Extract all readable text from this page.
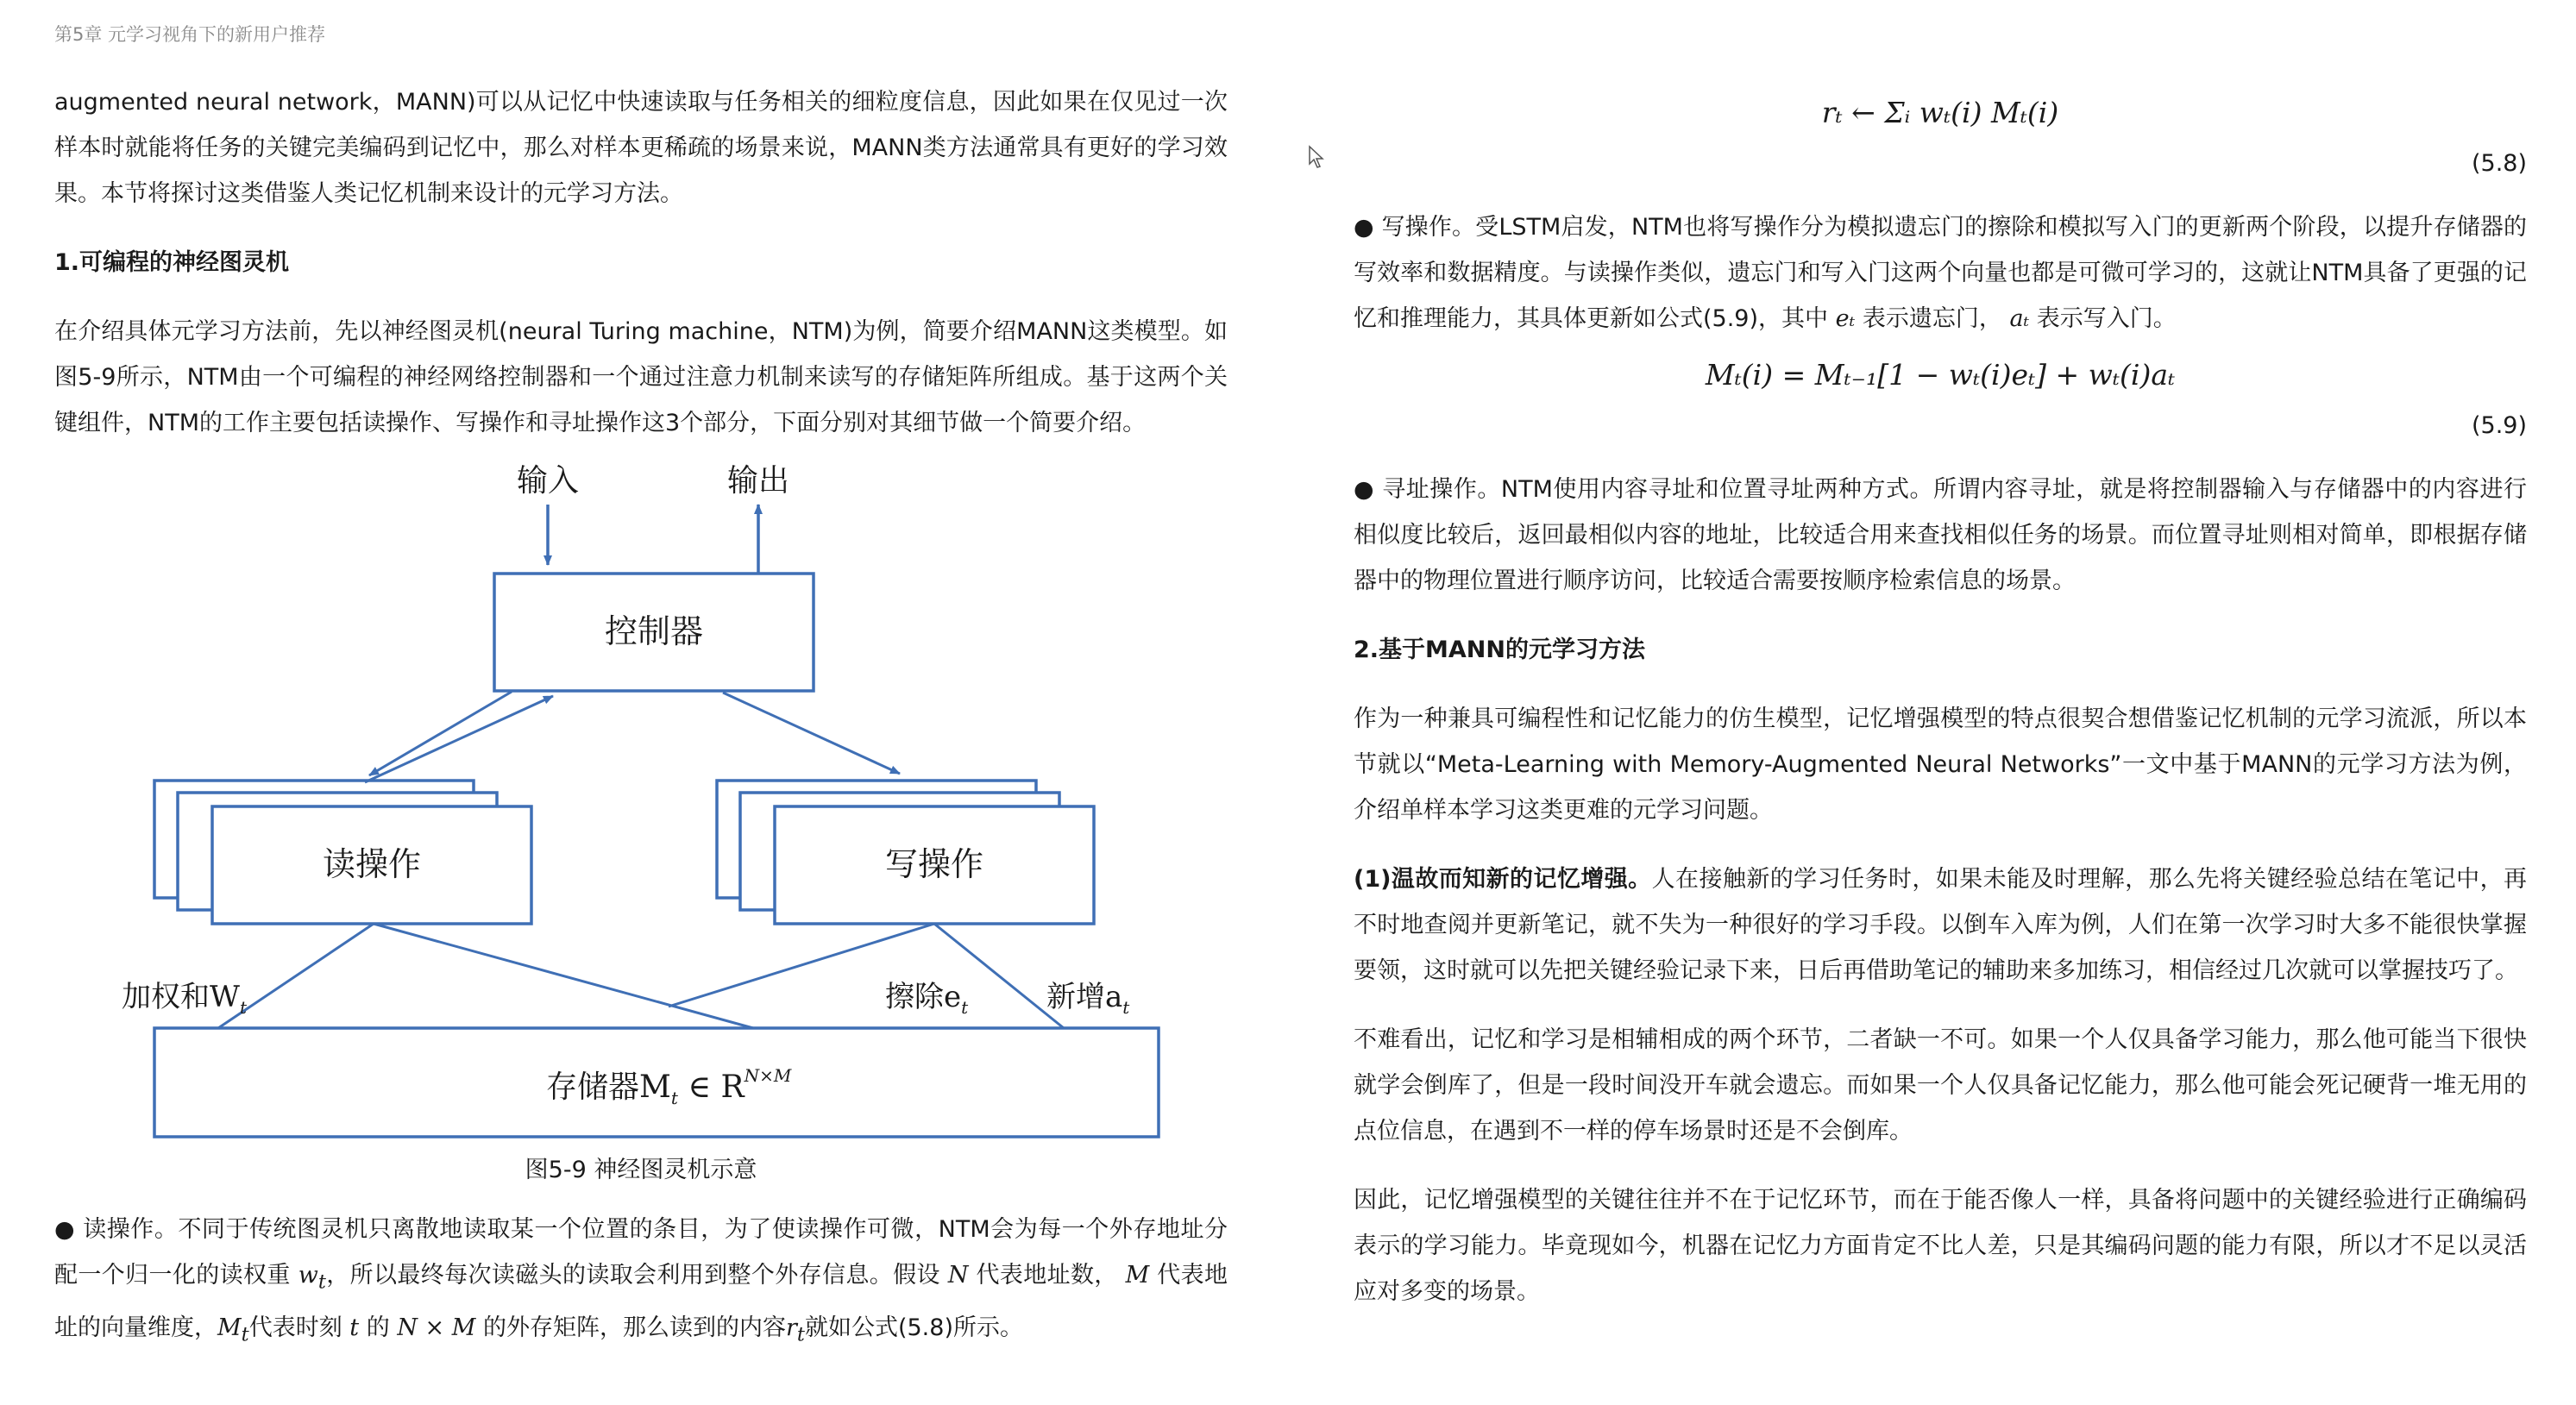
第5章 元学习视角下的新用户推荐

augmented neural network，MANN)可以从记忆中快速读取与任务相关的细粒度信息，因此如果在仅见过一次样本时就能将任务的关键完美编码到记忆中，那么对样本更稀疏的场景来说，MANN类方法通常具有更好的学习效果。本节将探讨这类借鉴人类记忆机制来设计的元学习方法。

1.可编程的神经图灵机

在介绍具体元学习方法前，先以神经图灵机(neural Turing machine，NTM)为例，简要介绍MANN这类模型。如图5-9所示，NTM由一个可编程的神经网络控制器和一个通过注意力机制来读写的存储矩阵所组成。基于这两个关键组件，NTM的工作主要包括读操作、写操作和寻址操作这3个部分，下面分别对其细节做一个简要介绍。

输入	输出
控制器
读操作	写操作
加权和$W_t$	擦除$e_t$	新增$a_t$
存储器$M_t$ ∈ $R^{N\times M}$
图5-9 神经图灵机示意

● 读操作。不同于传统图灵机只离散地读取某一个位置的条目，为了使读操作可微，NTM会为每一个外存地址分配一个归一化的读权重 $w_t$，所以最终每次读磁头的读取会利用到整个外存信息。假设 N 代表地址数， M 代表地址的向量维度，$M_t$代表时刻 t 的 N × M 的外存矩阵，那么读到的内容$r_t$就如公式(5.8)所示。

rₜ ← Σᵢ wₜ(i) Mₜ(i)
(5.8)

● 写操作。受LSTM启发，NTM也将写操作分为模拟遗忘门的擦除和模拟写入门的更新两个阶段，以提升存储器的写效率和数据精度。与读操作类似，遗忘门和写入门这两个向量也都是可微可学习的，这就让NTM具备了更强的记忆和推理能力，其具体更新如公式(5.9)，其中 eₜ 表示遗忘门， aₜ 表示写入门。

Mₜ(i) = Mₜ₋₁[1 − wₜ(i)eₜ] + wₜ(i)aₜ
(5.9)

● 寻址操作。NTM使用内容寻址和位置寻址两种方式。所谓内容寻址，就是将控制器输入与存储器中的内容进行相似度比较后，返回最相似内容的地址，比较适合用来查找相似任务的场景。而位置寻址则相对简单，即根据存储器中的物理位置进行顺序访问，比较适合需要按顺序检索信息的场景。

2.基于MANN的元学习方法

作为一种兼具可编程性和记忆能力的仿生模型，记忆增强模型的特点很契合想借鉴记忆机制的元学习流派，所以本节就以“Meta-Learning with Memory-Augmented Neural Networks”一文中基于MANN的元学习方法为例，介绍单样本学习这类更难的元学习问题。

(1)温故而知新的记忆增强。人在接触新的学习任务时，如果未能及时理解，那么先将关键经验总结在笔记中，再不时地查阅并更新笔记，就不失为一种很好的学习手段。以倒车入库为例，人们在第一次学习时大多不能很快掌握要领，这时就可以先把关键经验记录下来，日后再借助笔记的辅助来多加练习，相信经过几次就可以掌握技巧了。

不难看出，记忆和学习是相辅相成的两个环节，二者缺一不可。如果一个人仅具备学习能力，那么他可能当下很快就学会倒库了，但是一段时间没开车就会遗忘。而如果一个人仅具备记忆能力，那么他可能会死记硬背一堆无用的点位信息，在遇到不一样的停车场景时还是不会倒库。

因此，记忆增强模型的关键往往并不在于记忆环节，而在于能否像人一样，具备将问题中的关键经验进行正确编码表示的学习能力。毕竟现如今，机器在记忆力方面肯定不比人差，只是其编码问题的能力有限，所以才不足以灵活应对多变的场景。
